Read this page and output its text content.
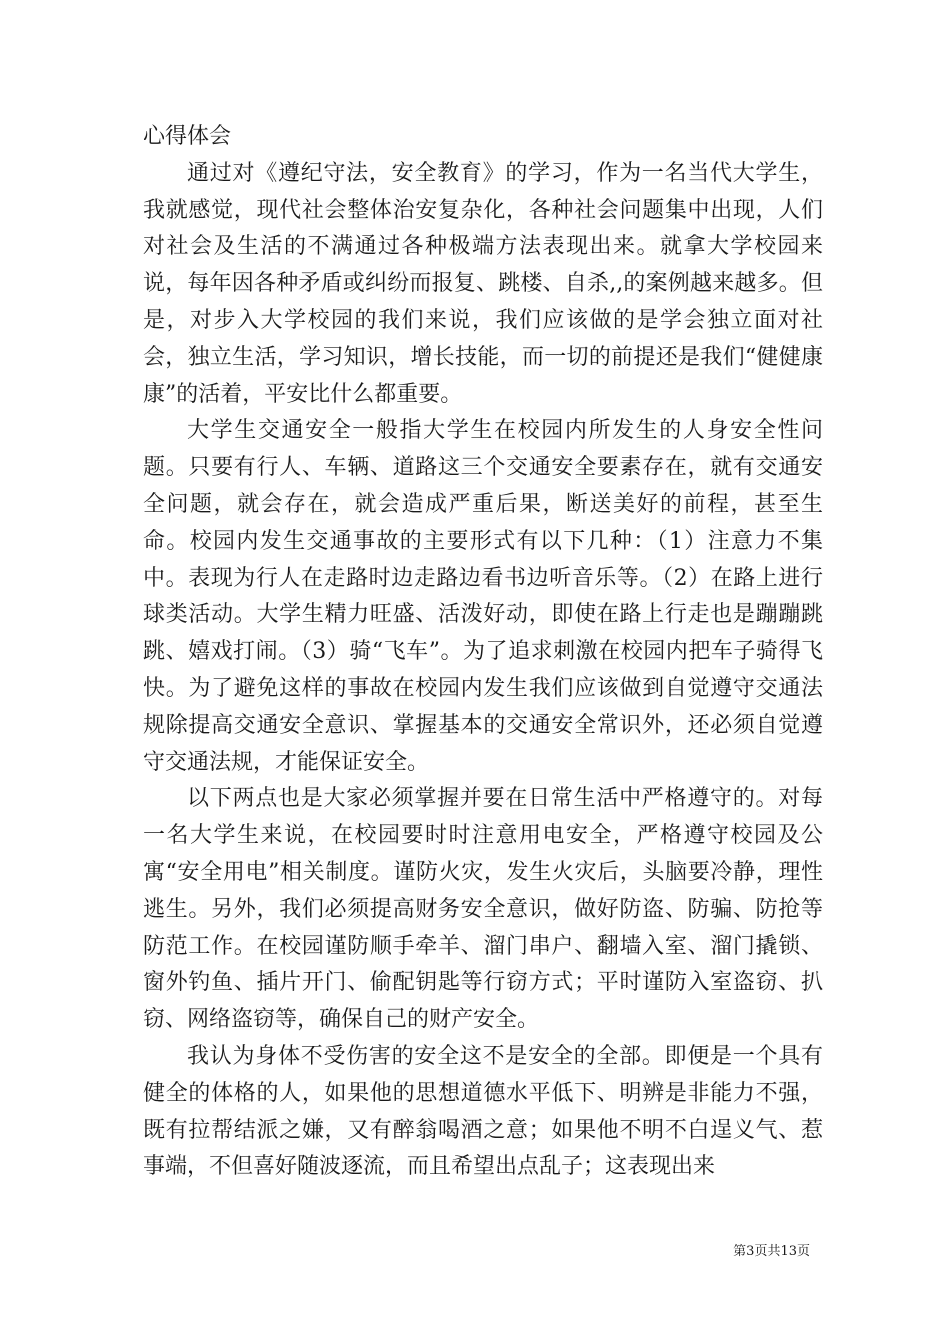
心得体会

通过对《遵纪守法，安全教育》的学习，作为一名当代大学生，我就感觉，现代社会整体治安复杂化，各种社会问题集中出现，人们对社会及生活的不满通过各种极端方法表现出来。就拿大学校园来说，每年因各种矛盾或纠纷而报复、跳楼、自杀,,的案例越来越多。但是，对步入大学校园的我们来说，我们应该做的是学会独立面对社会，独立生活，学习知识，增长技能，而一切的前提还是我们“健健康康”的活着，平安比什么都重要。

大学生交通安全一般指大学生在校园内所发生的人身安全性问题。只要有行人、车辆、道路这三个交通安全要素存在，就有交通安全问题，就会存在，就会造成严重后果，断送美好的前程，甚至生命。校园内发生交通事故的主要形式有以下几种：（1）注意力不集中。表现为行人在走路时边走路边看书边听音乐等。（2）在路上进行球类活动。大学生精力旺盛、活泼好动，即使在路上行走也是蹦蹦跳跳、嬉戏打闹。（3）骑“飞车”。为了追求刺激在校园内把车子骑得飞快。为了避免这样的事故在校园内发生我们应该做到自觉遵守交通法规除提高交通安全意识、掌握基本的交通安全常识外，还必须自觉遵守交通法规，才能保证安全。

以下两点也是大家必须掌握并要在日常生活中严格遵守的。对每一名大学生来说，在校园要时时注意用电安全，严格遵守校园及公寓“安全用电”相关制度。谨防火灾，发生火灾后，头脑要冷静，理性逃生。另外，我们必须提高财务安全意识，做好防盗、防骗、防抢等防范工作。在校园谨防顺手牵羊、溜门串户、翻墙入室、溜门撬锁、窗外钓鱼、插片开门、偷配钥匙等行窃方式；平时谨防入室盗窃、扒窃、网络盗窃等，确保自己的财产安全。

我认为身体不受伤害的安全这不是安全的全部。即便是一个具有健全的体格的人，如果他的思想道德水平低下、明辨是非能力不强，既有拉帮结派之嫌，又有醉翁喝酒之意；如果他不明不白逞义气、惹事端，不但喜好随波逐流，而且希望出点乱子；这表现出来

第3页共13页
